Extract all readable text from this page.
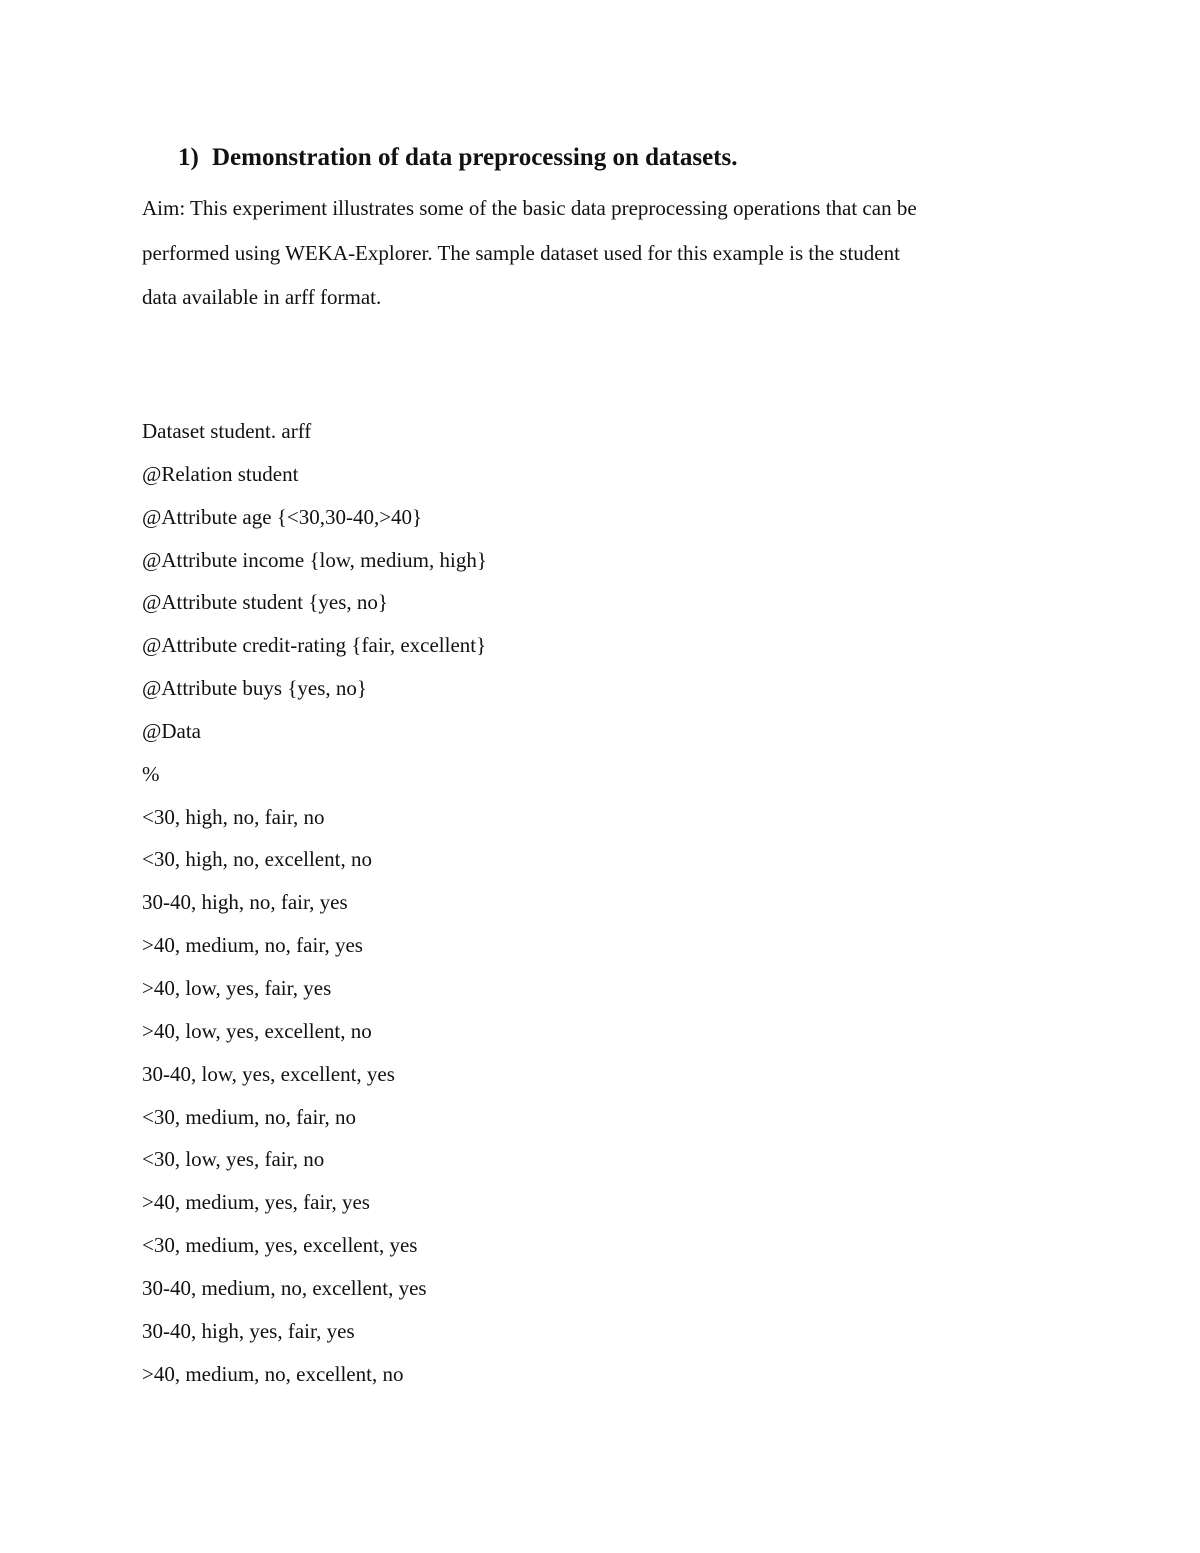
1) Demonstration of data preprocessing on datasets.
Aim: This experiment illustrates some of the basic data preprocessing operations that can be
performed using WEKA-Explorer. The sample dataset used for this example is the student
data available in arff format.
Dataset student. arff
@Relation student
@Attribute age {<30,30-40,>40}
@Attribute income {low, medium, high}
@Attribute student {yes, no}
@Attribute credit-rating {fair, excellent}
@Attribute buys {yes, no}
@Data
%
<30, high, no, fair, no
<30, high, no, excellent, no
30-40, high, no, fair, yes
>40, medium, no, fair, yes
>40, low, yes, fair, yes
>40, low, yes, excellent, no
30-40, low, yes, excellent, yes
<30, medium, no, fair, no
<30, low, yes, fair, no
>40, medium, yes, fair, yes
<30, medium, yes, excellent, yes
30-40, medium, no, excellent, yes
30-40, high, yes, fair, yes
>40, medium, no, excellent, no
